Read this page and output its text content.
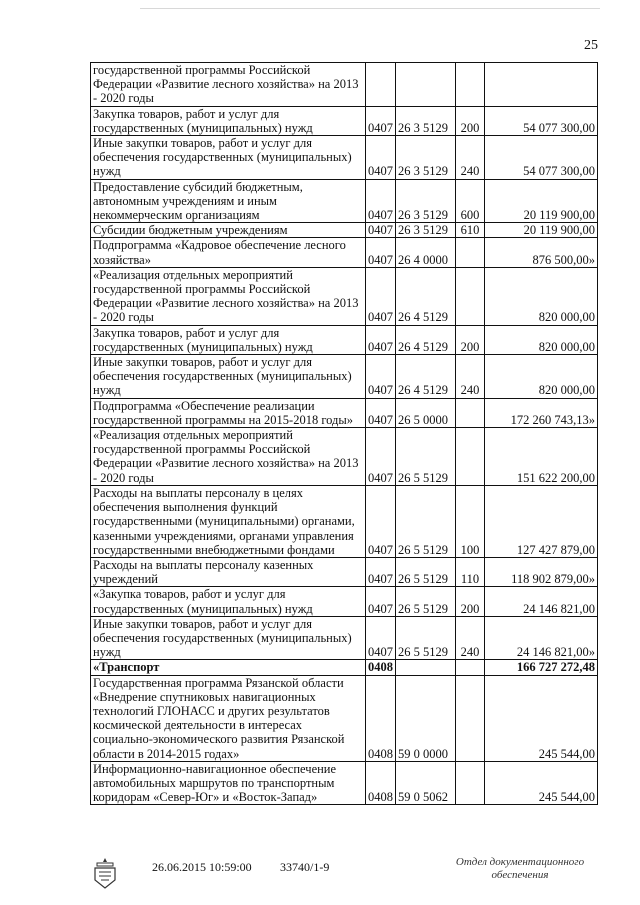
25
государственной программы Российской Федерации «Развитие лесного хозяйства» на 2013 - 2020 годы				
Закупка товаров, работ и услуг для государственных (муниципальных) нужд	0407	26 3 5129	200	54 077 300,00
Иные закупки товаров, работ и услуг для обеспечения государственных (муниципальных) нужд	0407	26 3 5129	240	54 077 300,00
Предоставление субсидий бюджетным, автономным учреждениям и иным некоммерческим организациям	0407	26 3 5129	600	20 119 900,00
Субсидии бюджетным учреждениям	0407	26 3 5129	610	20 119 900,00
Подпрограмма «Кадровое обеспечение лесного хозяйства»	0407	26 4 0000		876 500,00»
«Реализация отдельных мероприятий государственной программы Российской Федерации «Развитие лесного хозяйства» на 2013 - 2020 годы	0407	26 4 5129		820 000,00
Закупка товаров, работ и услуг для государственных (муниципальных) нужд	0407	26 4 5129	200	820 000,00
Иные закупки товаров, работ и услуг для обеспечения государственных (муниципальных) нужд	0407	26 4 5129	240	820 000,00
Подпрограмма «Обеспечение реализации государственной программы на 2015-2018 годы»	0407	26 5 0000		172 260 743,13»
«Реализация отдельных мероприятий государственной программы Российской Федерации «Развитие лесного хозяйства» на 2013 - 2020 годы	0407	26 5 5129		151 622 200,00
Расходы на выплаты персоналу в целях обеспечения выполнения функций государственными (муниципальными) органами, казенными учреждениями, органами управления государственными внебюджетными фондами	0407	26 5 5129	100	127 427 879,00
Расходы на выплаты персоналу казенных учреждений	0407	26 5 5129	110	118 902 879,00»
«Закупка товаров, работ и услуг для государственных (муниципальных) нужд	0407	26 5 5129	200	24 146 821,00
Иные закупки товаров, работ и услуг для обеспечения государственных (муниципальных) нужд	0407	26 5 5129	240	24 146 821,00»
«Транспорт	0408			166 727 272,48
Государственная программа Рязанской области «Внедрение спутниковых навигационных технологий ГЛОНАСС и других результатов космической деятельности в интересах социально-экономического развития Рязанской области в 2014-2015 годах»	0408	59 0 0000		245 544,00
Информационно-навигационное обеспечение автомобильных маршрутов по транспортным коридорам «Север-Юг» и «Восток-Запад»	0408	59 0 5062		245 544,00
26.06.2015 10:59:00 33740/1-9	Отдел документационного
обеспечения
